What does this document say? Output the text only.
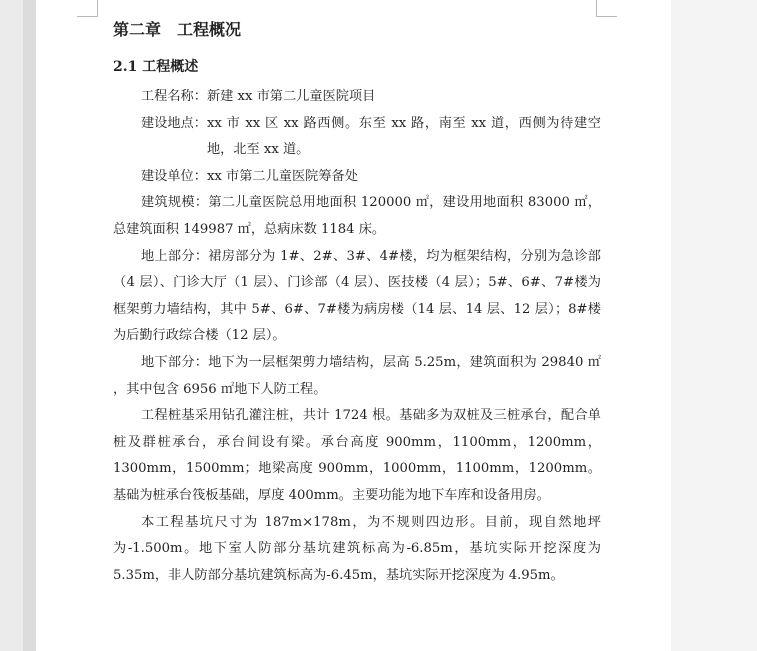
第二章　工程概况
2.1 工程概述
工程名称： 新建 xx 市第二儿童医院项目
建设地点： xx 市 xx 区 xx 路西侧。东至 xx 路，南至 xx 道，西侧为待建空地，北至 xx 道。
建设单位： xx 市第二儿童医院筹备处

建筑规模：第二儿童医院总用地面积 120000 ㎡，建设用地面积 83000 ㎡，总建筑面积 149987 ㎡，总病床数 1184 床。

地上部分：裙房部分为 1#、2#、3#、4#楼，均为框架结构，分别为急诊部（4 层）、门诊大厅（1 层）、门诊部（4 层）、医技楼（4 层）；5#、6#、7#楼为框架剪力墙结构，其中 5#、6#、7#楼为病房楼（14 层、14 层、12 层）；8#楼为后勤行政综合楼（12 层）。

地下部分：地下为一层框架剪力墙结构，层高 5.25m，建筑面积为 29840 ㎡ ，其中包含 6956 ㎡地下人防工程。

工程桩基采用钻孔灌注桩，共计 1724 根。基础多为双桩及三桩承台，配合单桩及群桩承台，承台间设有梁。承台高度 900mm，1100mm，1200mm，1300mm，1500mm；地梁高度 900mm，1000mm，1100mm，1200mm。基础为桩承台筏板基础，厚度 400mm。主要功能为地下车库和设备用房。

本工程基坑尺寸为 187m×178m，为不规则四边形。目前，现自然地坪为-1.500m。地下室人防部分基坑建筑标高为-6.85m，基坑实际开挖深度为 5.35m，非人防部分基坑建筑标高为-6.45m，基坑实际开挖深度为 4.95m。
